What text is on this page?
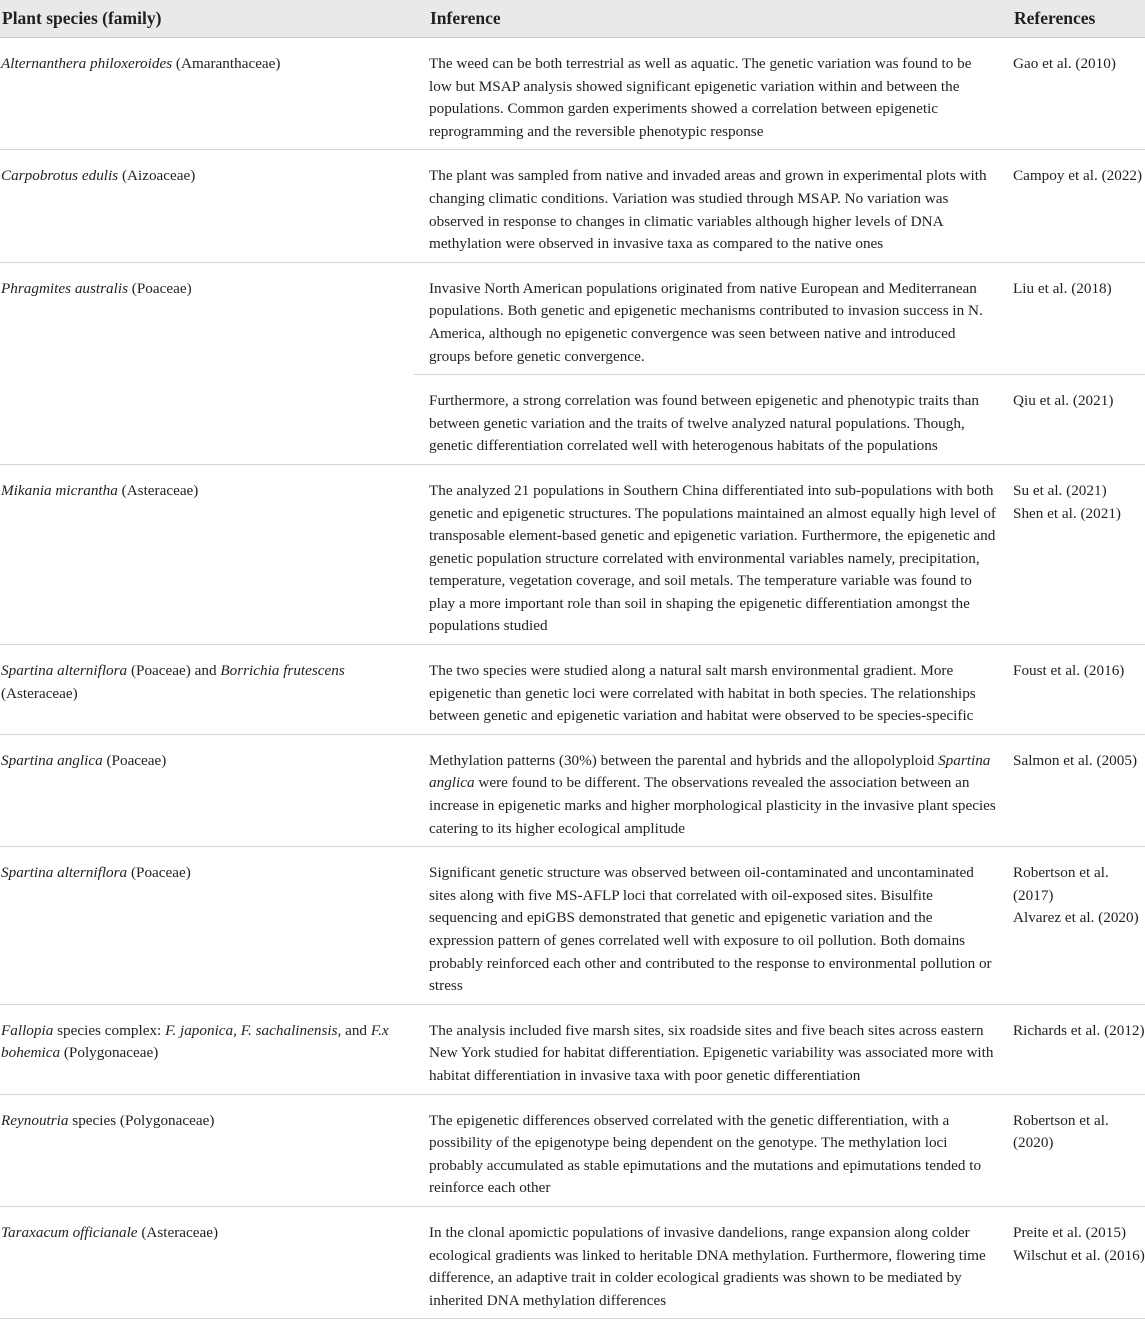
Plant species (family)	Inference	References
Alternanthera philoxeroides (Amaranthaceae)	The weed can be both terrestrial as well as aquatic. The genetic variation was found to be low but MSAP analysis showed significant epigenetic variation within and between the populations. Common garden experiments showed a correlation between epigenetic reprogramming and the reversible phenotypic response	Gao et al. (2010)

Carpobrotus edulis (Aizoaceae)	The plant was sampled from native and invaded areas and grown in experimental plots with changing climatic conditions. Variation was studied through MSAP. No variation was observed in response to changes in climatic variables although higher levels of DNA methylation were observed in invasive taxa as compared to the native ones	Campoy et al. (2022)

Phragmites australis (Poaceae)	Invasive North American populations originated from native European and Mediterranean populations. Both genetic and epigenetic mechanisms contributed to invasion success in N. America, although no epigenetic convergence was seen between native and introduced groups before genetic convergence.	Liu et al. (2018)

	Furthermore, a strong correlation was found between epigenetic and phenotypic traits than between genetic variation and the traits of twelve analyzed natural populations. Though, genetic differentiation correlated well with heterogenous habitats of the populations	Qiu et al. (2021)

Mikania micrantha (Asteraceae)	The analyzed 21 populations in Southern China differentiated into sub-populations with both genetic and epigenetic structures. The populations maintained an almost equally high level of transposable element-based genetic and epigenetic variation. Furthermore, the epigenetic and genetic population structure correlated with environmental variables namely, precipitation, temperature, vegetation coverage, and soil metals. The temperature variable was found to play a more important role than soil in shaping the epigenetic differentiation amongst the populations studied	Su et al. (2021)
Shen et al. (2021)

Spartina alterniflora (Poaceae) and Borrichia frutescens (Asteraceae)	The two species were studied along a natural salt marsh environmental gradient. More epigenetic than genetic loci were correlated with habitat in both species. The relationships between genetic and epigenetic variation and habitat were observed to be species-specific	Foust et al. (2016)

Spartina anglica (Poaceae)	Methylation patterns (30%) between the parental and hybrids and the allopolyploid Spartina anglica were found to be different. The observations revealed the association between an increase in epigenetic marks and higher morphological plasticity in the invasive plant species catering to its higher ecological amplitude	Salmon et al. (2005)

Spartina alterniflora (Poaceae)	Significant genetic structure was observed between oil-contaminated and uncontaminated sites along with five MS-AFLP loci that correlated with oil-exposed sites. Bisulfite sequencing and epiGBS demonstrated that genetic and epigenetic variation and the expression pattern of genes correlated well with exposure to oil pollution. Both domains probably reinforced each other and contributed to the response to environmental pollution or stress	Robertson et al. (2017)
Alvarez et al. (2020)

Fallopia species complex: F. japonica, F. sachalinensis, and F.x bohemica (Polygonaceae)	The analysis included five marsh sites, six roadside sites and five beach sites across eastern New York studied for habitat differentiation. Epigenetic variability was associated more with habitat differentiation in invasive taxa with poor genetic differentiation	Richards et al. (2012)

Reynoutria species (Polygonaceae)	The epigenetic differences observed correlated with the genetic differentiation, with a possibility of the epigenotype being dependent on the genotype. The methylation loci probably accumulated as stable epimutations and the mutations and epimutations tended to reinforce each other	Robertson et al. (2020)

Taraxacum officianale (Asteraceae)	In the clonal apomictic populations of invasive dandelions, range expansion along colder ecological gradients was linked to heritable DNA methylation. Furthermore, flowering time difference, an adaptive trait in colder ecological gradients was shown to be mediated by inherited DNA methylation differences	Preite et al. (2015)
Wilschut et al. (2016)
